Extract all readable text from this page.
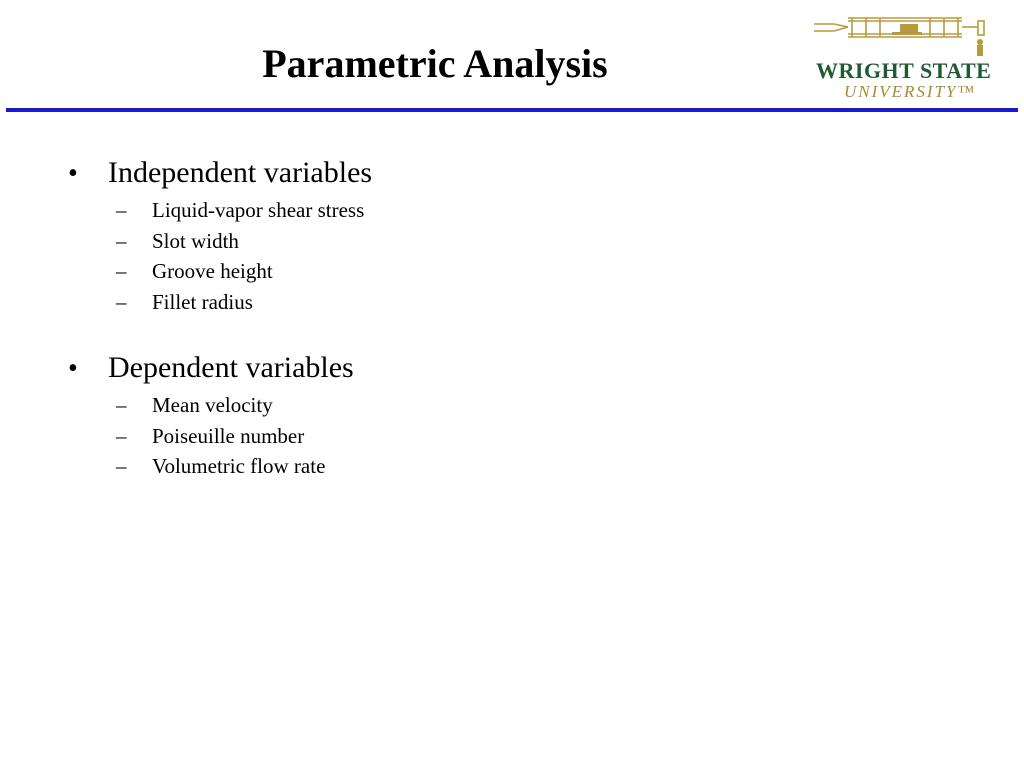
Parametric Analysis	WRIGHT STATE
UNIVERSITY™
•	Independent variables
–	Liquid-vapor shear stress
–	Slot width
–	Groove height
–	Fillet radius
•	Dependent variables
–	Mean velocity
–	Poiseuille number
–	Volumetric flow rate
